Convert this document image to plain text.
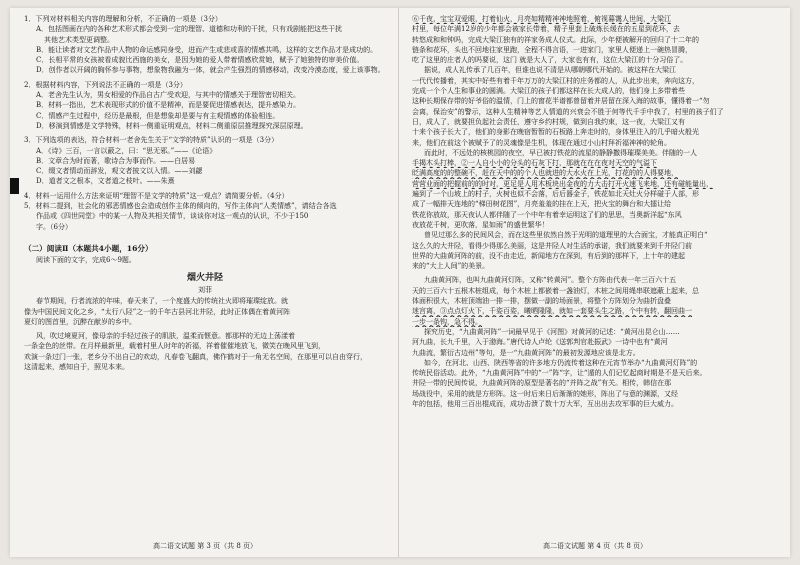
1．下列对材料相关内容的理解和分析，不正确的一项是（3分）
A．包括图画在内的各种艺术形式都会受到一定的理智、道德和功利的干扰，只有戏剧能把这些干扰
其他艺术类型更调整。
B．能让读者对文艺作品中人物的命运感同身受，进而产生或悲或喜的情感共鸣，这样的文艺作品才是成功的。
C．长相平常的女孩被看成貌比西施的美女，是因为她的爱人带着情感欣赏她，赋予了她独特的审美价值。
D．创作者以开阔的胸怀参与事物，想象物我融为一体，就会产生强烈的情感移动，改变冷漠态度，爱上该事物。
2．根据材料内容，下列说法不正确的一项是（3分）
A．老舍先生认为，男女相爱的作品自古广受欢迎，与其中的情感关于理智密切相关。
B．材料一指出，艺术表现形式的价值不是精神，而是要促进情感表达，提升感染力。
C．情感产生过程中，经历是最根，但是想象却是要与有主观情感的体验相连。
D．移演到情感是文学特殊，材料一侧重证明观点，材料二侧重原层推理探究深层原理。
3．下列选项的表达，符合材料一老舍先生关于“文学的特质”认识的一项是（3分）
A．《诗》三百，一言以蔽之，曰：“思无邪。”——《论语》
B．文章合为时而著，歌诗合为事而作。——白居易
C．缀文者情动而辞发，观文者披文以入情。——刘勰
D．道者文之根本，文者道之枝叶。——朱熹
4．材料一运用什么方法来证明“理智不是文学的特质”这一观点？请简要分析。（4分）
5．材料二提到，社会化的邪恶情感也会造成创作主体的倾向的，写作主体向“人类情感”，请结合各选
作品或《四世同堂》中的某一人物及其相关情节，谈谈你对这一观点的认识，不少于150
字。（6分）
（二）阅读Ⅱ（本题共4小题，16分）
阅读下面的文字，完成6～9题。
烟火井陉
刘菲
春节期间，行者流浓的年味，春天来了，一个度盛大的传统社火即将璀璨绽放。就
像为中国民间文化之乡，“太行八陉”之一的千年古县河北井陉，此时正体偶在着黄河阵
夏灯的图首里，沉醉在献岁的乡中。
风，吹过境夏河，像母亲的手轻过孩子的肌肤，温柔而惬意。都那样的无边上荡漾着
一条金色的丝带。在月样最新里，载着村里人时年的祈福，祥着催催地放飞，微笑在晚风里飞到，
欢演一条过门一张，老乡分不出自己的欢动，凡春卷飞翻真，佛作鹤对于一角无名空间，在那里可以自由穿行，
这清起来，感知自于，照见本来。
高二语文试题 第 3 页（共 8 页）
⑥千夜，宝宝双爱眼，打着仙火，月亮如精精神神地照着，俯视暮霭人世间，大梁江
村里，每位年满12岁的少年都会被家长带着，精子里套上破炼长缓在的五星到花环，去
转悠成和和钟吗，完成大梁江独有的祥家务成人仪式。此际，少年便被解开的回归了十二年的
链条和花环，头也不回地往家里跑，全程不得言语，一进家门，家里人便递上一碗热冒腾，
吃了这里的庄者人的吗要说，这门 就是大人了，大家也有有，这位大梁江的十分习俗了。
据说，成人礼传承了几百年，但谁也说不清是从哪朝哪代开始的。被这样在大梁江
一代代传播着，其实中好些有着千年万万的大梁江村的庄务都的人，从此步出来，奔向这方，
完成一个个人生和事业的圆满。大梁江的孩子们都这样在长大成人的，他们身上多带着些
这种长期保存带的好爷俗的温情，门上的窗花半谱都曾留着并居留在深入海的故事，懂得着一“勿
会离，保治安”的警示，这种人生精神等艺人情道的兴衰会不胜于何等代千手中我了，村里的孩子们了
日，成人了，就要担负起社会责任，遵守乡约村规，做到自我约束，这一夜，大梁江又有
十来个孩子长大了，他们的身影在晚宿暂暂的石板路上奔走时的，身体里注入的几乎暗火般光
来，他们在前这个被赋予了的灵魂像是生机，体现在通过小山村拜祈福神神的轮角。
而此时，不远处的核桃园的夜空，早已被打铁花的流星的静静撒得璀璨美美。伴随的一人
手揭木头打棒，②一人自小小的分头的石灰下打，那就在在在夜对天空的气溢下
眨满高度的的整碗不，赶在天中的的个人也就进的大水火在上光，打花的的人得要地，
营营业面的把握前的的时对，更足是人用木板块出金夜的力大击打开火速飞来地，还有碰能量出，
遍到了一个山坡上的村子，火树也似不会落，后后器金子，铁花如北天灶火分样碰于人部，形
成了一幅排天连地的“梯田树花图”，月亮羞羞的挂在上天，把火宝的舞台和大擂让给
铁花你放故，那天夜认人都伴随了一个中年有着幸运明这了们的思思，当奥新洋起“东风
夜放花千树，更吹落，星如雨”的盛世繁华！
曾见过那么多的民间风会，而在这些里依然自然于光明的道理里的大合面宝，才能真正明白“
这么久的大井陉，看得少得那么美丽，这是井陉人对生活的承诺，我们就要来到千井陉门前
世界的大曲黄河阵的前，没不由走近，新闻地方在深到，有后到的那样下，上十年的建起
来的“大上人间”的美景。
九曲黄河阵，也叫九曲黄河灯阵，又称“转黄河”。整个方阵由代表一年三百六十五
天的三百六十五根木桩组成，每个木桩上都嵌着一盏油灯，木桩之间用绳串联遮蔽上起来，总
体面积很大，木桩顶端油一排一排，摆做一副的场面景，将整个方阵划分为曲折盘叠
迷宫离，③点点灯火下，千姿百姿，曦晒隆隆，就如一套要头生之路，个中有转，翻回曲一
一步一条钩，急不得。
探究历史，“九曲黄河阵”一词最早见于《河图》对黄河的记述：“黄河出昆仑山……
河九曲，长九千里，入于渤海。”唐代诗人卢纶《送郭判官赴振武》一诗中也有“黄河
九曲流，繁衍古边州”等句，是一“九曲黄河阵”的最初发源地应该是北方。
如今，在河北、山西、陕西等省的许多地方仍流传着这种在元宵节举办“九曲黄河灯阵”的
传统民俗活动。此外，“九曲黄河阵”中的“一”阵“字，让“遁的人们记忆起商时期是不是天后来。
井陉一带的民间传说，九曲黄河阵的原型是著名的“并阵之战”有关。相传，韩信在那
场战役中，采用的就是方形阵。这一时后来日后渐渐的她形，阵出了与意的渊源，又经
年的包括，他用三百出棍成而，成功击溃了数十万大军，互出出去攻军事的巨大威力。
高二语文试题 第 4 页（共 8 页）
